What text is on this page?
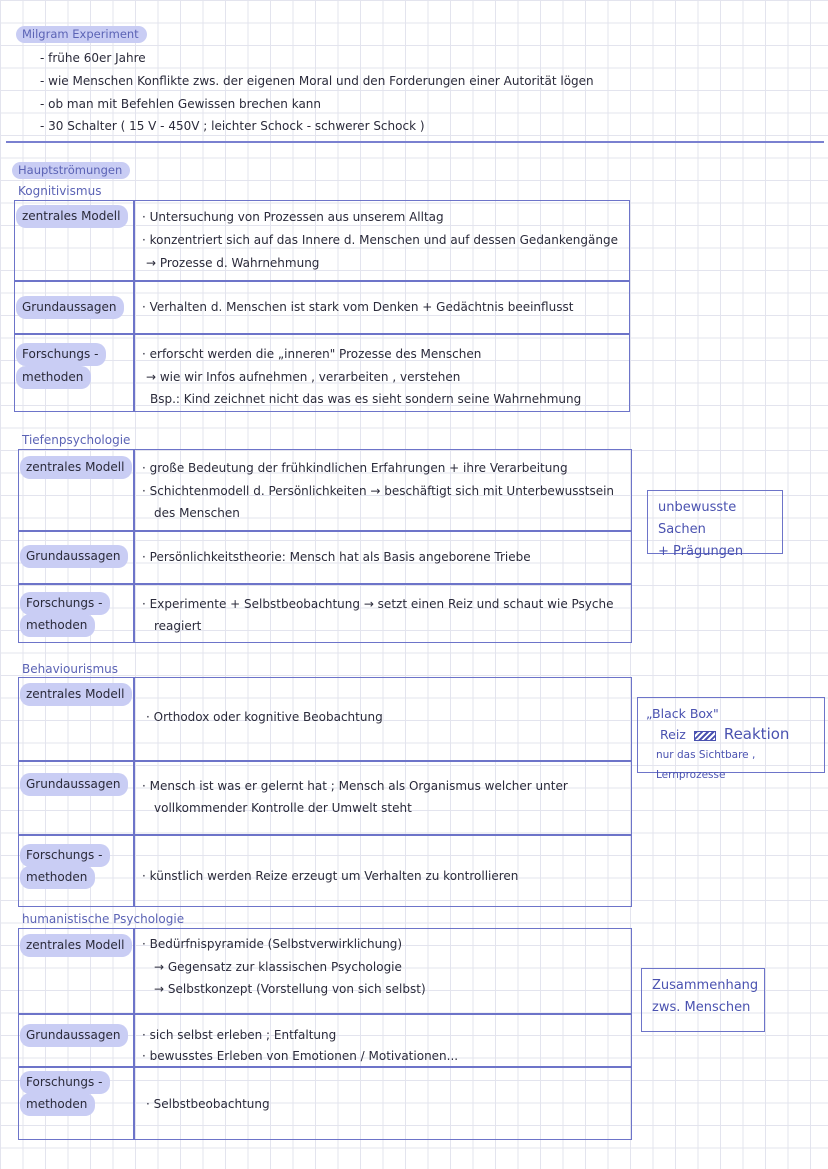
Milgram Experiment
- frühe 60er Jahre
- wie Menschen Konflikte zws. der eigenen Moral und den Forderungen einer Autorität lögen
- ob man mit Befehlen Gewissen brechen kann
- 30 Schalter ( 15 V - 450V ; leichter Schock - schwerer Schock )
Hauptströmungen
Kognitivismus
zentrales Modell
Grundaussagen
Forschungs -
methoden
· Untersuchung von Prozessen aus unserem Alltag
· konzentriert sich auf das Innere d. Menschen und auf dessen Gedankengänge
→ Prozesse d. Wahrnehmung
· Verhalten d. Menschen ist stark vom Denken + Gedächtnis beeinflusst
· erforscht werden die „inneren" Prozesse des Menschen
→ wie wir Infos aufnehmen , verarbeiten , verstehen
Bsp.: Kind zeichnet nicht das was es sieht sondern seine Wahrnehmung
Tiefenpsychologie
zentrales Modell
Grundaussagen
Forschungs -
methoden
· große Bedeutung der frühkindlichen Erfahrungen + ihre Verarbeitung
· Schichtenmodell d. Persönlichkeiten → beschäftigt sich mit Unterbewusstsein
des Menschen
· Persönlichkeitstheorie: Mensch hat als Basis angeborene Triebe
· Experimente + Selbstbeobachtung → setzt einen Reiz und schaut wie Psyche
reagiert
unbewusste Sachen
+ Prägungen
Behaviourismus
zentrales Modell
Grundaussagen
Forschungs -
methoden
· Orthodox oder kognitive Beobachtung
· Mensch ist was er gelernt hat ; Mensch als Organismus welcher unter
vollkommender Kontrolle der Umwelt steht
· künstlich werden Reize erzeugt um Verhalten zu kontrollieren
„Black Box"
Reiz	Reaktion
nur das Sichtbare , Lernprozesse
humanistische Psychologie
zentrales Modell
Grundaussagen
Forschungs -
methoden
· Bedürfnispyramide (Selbstverwirklichung)
→ Gegensatz zur klassischen Psychologie
→ Selbstkonzept (Vorstellung von sich selbst)
· sich selbst erleben ; Entfaltung
· bewusstes Erleben von Emotionen / Motivationen...
· Selbstbeobachtung
Zusammenhang
zws. Menschen
